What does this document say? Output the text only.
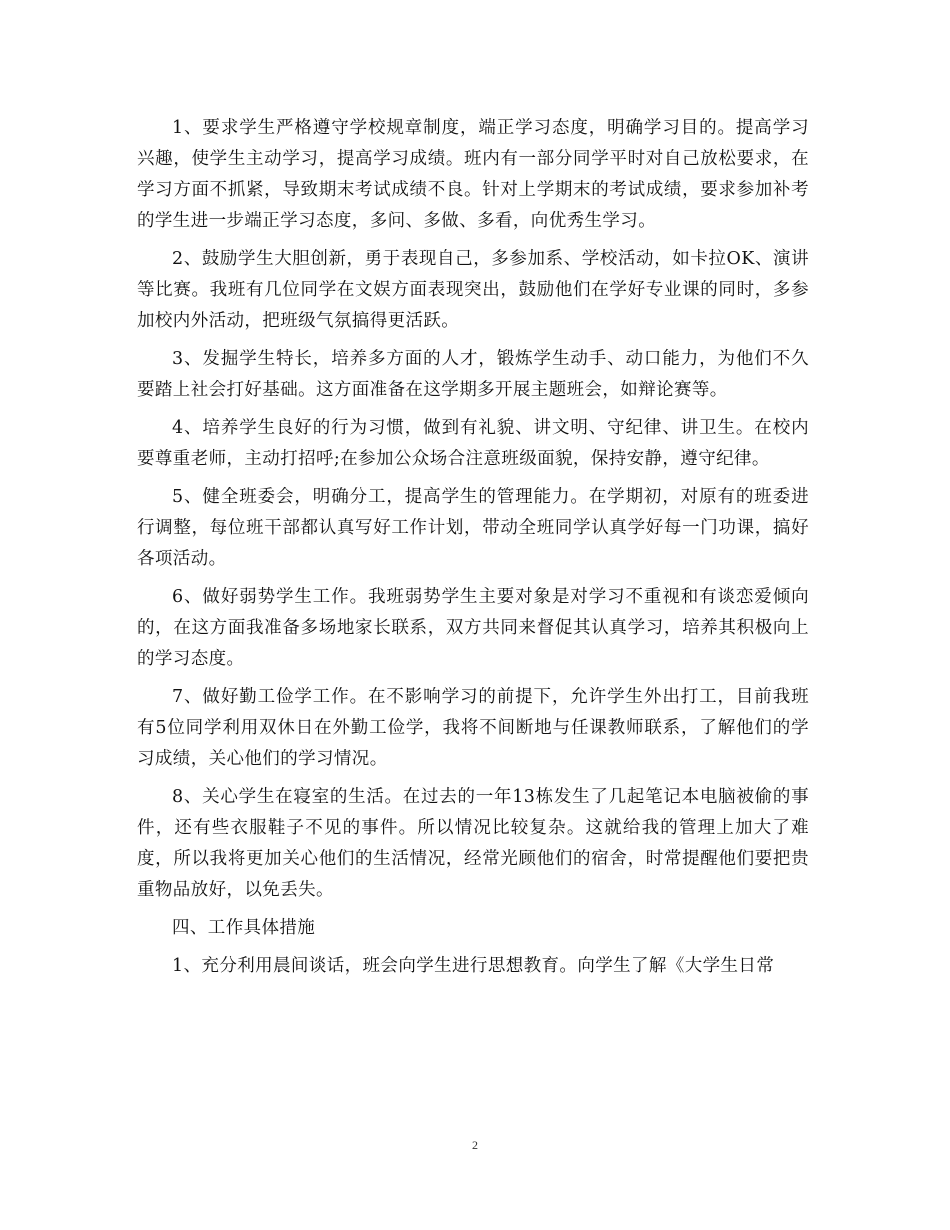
1、要求学生严格遵守学校规章制度，端正学习态度，明确学习目的。提高学习兴趣，使学生主动学习，提高学习成绩。班内有一部分同学平时对自己放松要求，在学习方面不抓紧，导致期末考试成绩不良。针对上学期末的考试成绩，要求参加补考的学生进一步端正学习态度，多问、多做、多看，向优秀生学习。

2、鼓励学生大胆创新，勇于表现自己，多参加系、学校活动，如卡拉OK、演讲等比赛。我班有几位同学在文娱方面表现突出，鼓励他们在学好专业课的同时，多参加校内外活动，把班级气氛搞得更活跃。

3、发掘学生特长，培养多方面的人才，锻炼学生动手、动口能力，为他们不久要踏上社会打好基础。这方面准备在这学期多开展主题班会，如辩论赛等。

4、培养学生良好的行为习惯，做到有礼貌、讲文明、守纪律、讲卫生。在校内要尊重老师，主动打招呼;在参加公众场合注意班级面貌，保持安静，遵守纪律。

5、健全班委会，明确分工，提高学生的管理能力。在学期初，对原有的班委进行调整，每位班干部都认真写好工作计划，带动全班同学认真学好每一门功课，搞好各项活动。

6、做好弱势学生工作。我班弱势学生主要对象是对学习不重视和有谈恋爱倾向的，在这方面我准备多场地家长联系，双方共同来督促其认真学习，培养其积极向上的学习态度。

7、做好勤工俭学工作。在不影响学习的前提下，允许学生外出打工，目前我班有5位同学利用双休日在外勤工俭学，我将不间断地与任课教师联系，了解他们的学习成绩，关心他们的学习情况。

8、关心学生在寝室的生活。在过去的一年13栋发生了几起笔记本电脑被偷的事件，还有些衣服鞋子不见的事件。所以情况比较复杂。这就给我的管理上加大了难度，所以我将更加关心他们的生活情况，经常光顾他们的宿舍，时常提醒他们要把贵重物品放好，以免丢失。

四、工作具体措施

1、充分利用晨间谈话，班会向学生进行思想教育。向学生了解《大学生日常

2
